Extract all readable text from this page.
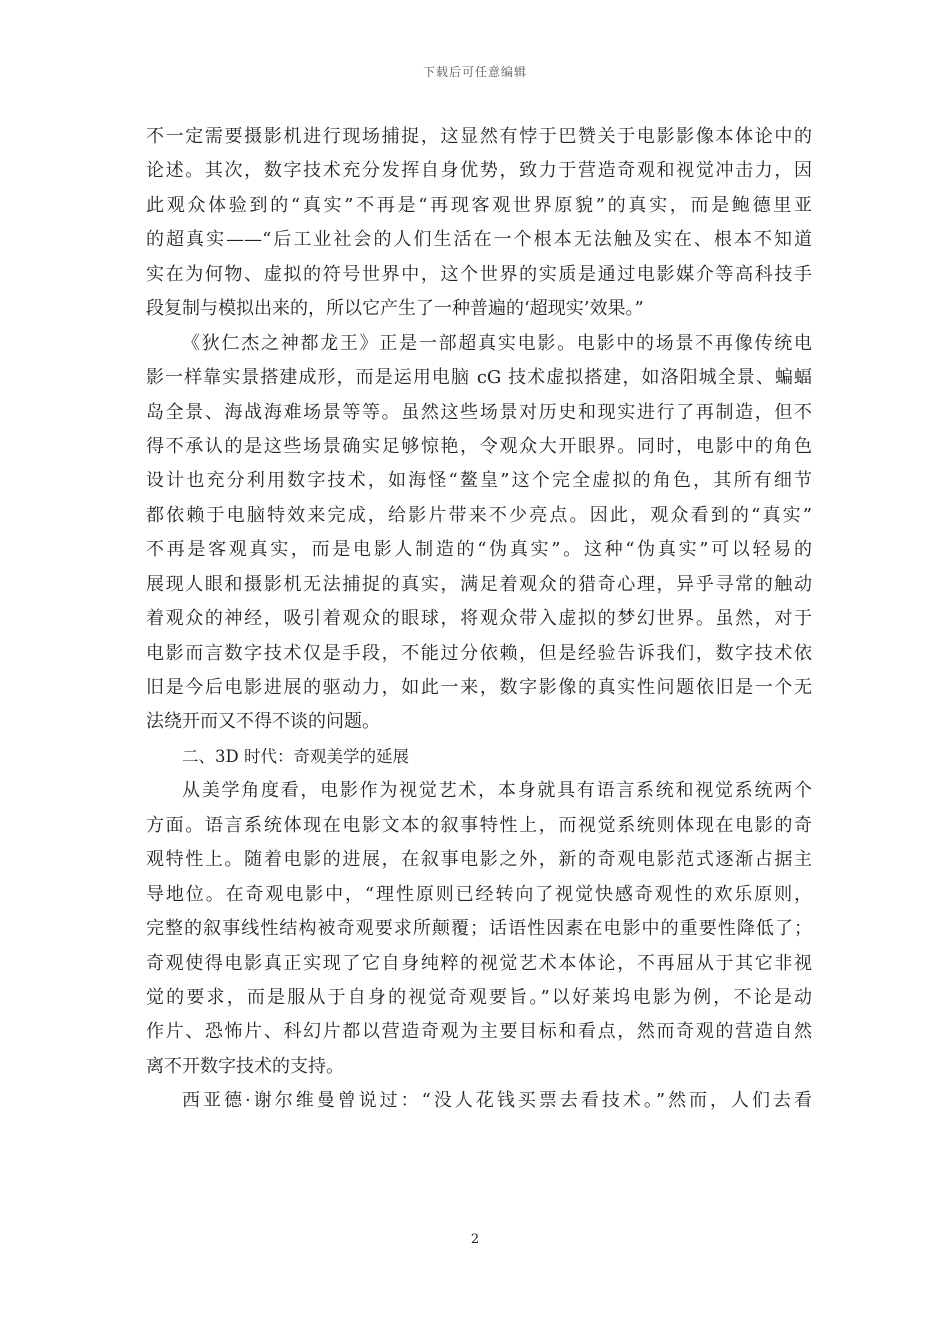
下载后可任意编辑
不一定需要摄影机进行现场捕捉，这显然有悖于巴赞关于电影影像本体论中的
论述。其次，数字技术充分发挥自身优势，致力于营造奇观和视觉冲击力，因
此观众体验到的“真实”不再是“再现客观世界原貌”的真实，而是鲍德里亚
的超真实——“后工业社会的人们生活在一个根本无法触及实在、根本不知道
实在为何物、虚拟的符号世界中，这个世界的实质是通过电影媒介等高科技手
段复制与模拟出来的，所以它产生了一种普遍的‘超现实’效果。”
《狄仁杰之神都龙王》正是一部超真实电影。电影中的场景不再像传统电
影一样靠实景搭建成形，而是运用电脑 cG 技术虚拟搭建，如洛阳城全景、蝙蝠
岛全景、海战海难场景等等。虽然这些场景对历史和现实进行了再制造，但不
得不承认的是这些场景确实足够惊艳，令观众大开眼界。同时，电影中的角色
设计也充分利用数字技术，如海怪“鳌皇”这个完全虚拟的角色，其所有细节
都依赖于电脑特效来完成，给影片带来不少亮点。因此，观众看到的“真实”
不再是客观真实，而是电影人制造的“伪真实”。这种“伪真实”可以轻易的
展现人眼和摄影机无法捕捉的真实，满足着观众的猎奇心理，异乎寻常的触动
着观众的神经，吸引着观众的眼球，将观众带入虚拟的梦幻世界。虽然，对于
电影而言数字技术仅是手段，不能过分依赖，但是经验告诉我们，数字技术依
旧是今后电影进展的驱动力，如此一来，数字影像的真实性问题依旧是一个无
法绕开而又不得不谈的问题。
二、3D 时代：奇观美学的延展
从美学角度看，电影作为视觉艺术，本身就具有语言系统和视觉系统两个
方面。语言系统体现在电影文本的叙事特性上，而视觉系统则体现在电影的奇
观特性上。随着电影的进展，在叙事电影之外，新的奇观电影范式逐渐占据主
导地位。在奇观电影中，“理性原则已经转向了视觉快感奇观性的欢乐原则，
完整的叙事线性结构被奇观要求所颠覆；话语性因素在电影中的重要性降低了；
奇观使得电影真正实现了它自身纯粹的视觉艺术本体论，不再屈从于其它非视
觉的要求，而是服从于自身的视觉奇观要旨。”以好莱坞电影为例，不论是动
作片、恐怖片、科幻片都以营造奇观为主要目标和看点，然而奇观的营造自然
离不开数字技术的支持。
西亚德·谢尔维曼曾说过：“没人花钱买票去看技术。”然而，人们去看
2
